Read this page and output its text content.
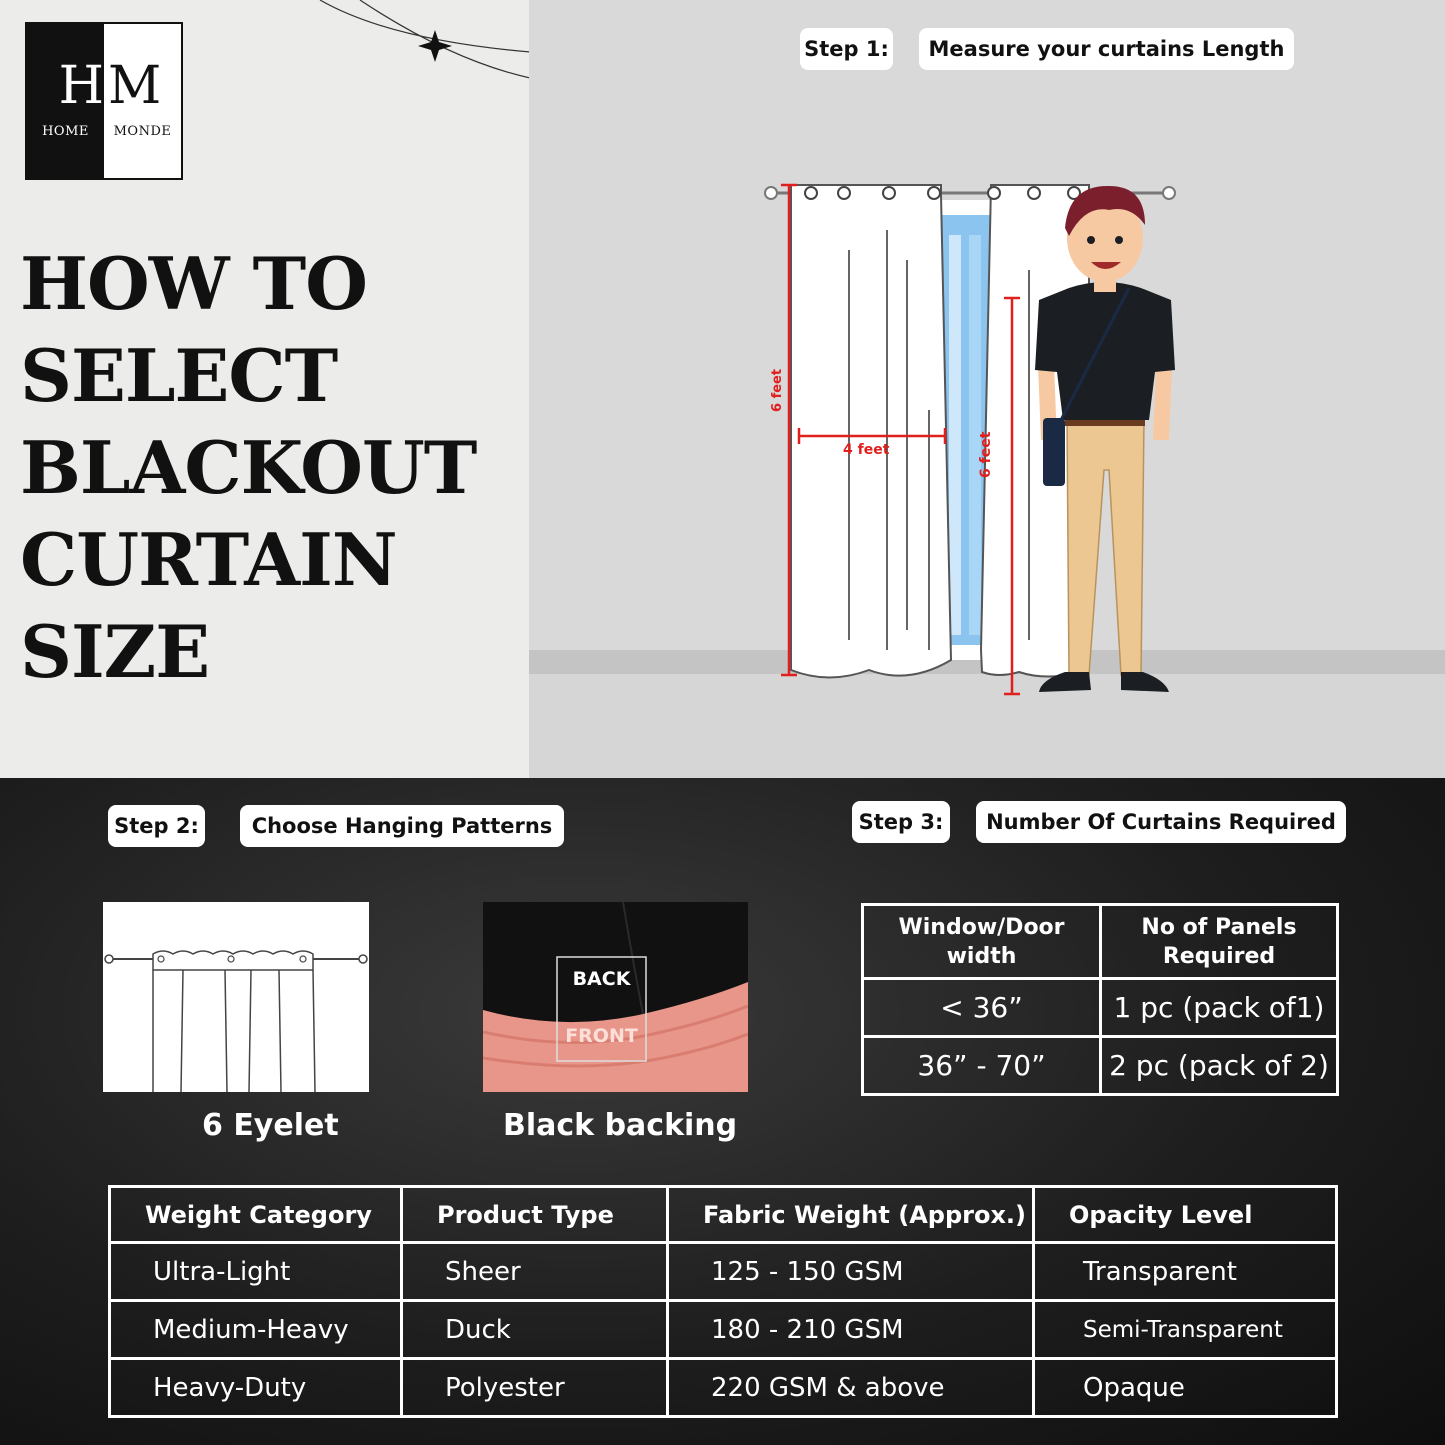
H
HOME
M
MONDE
HOW TO
SELECT
BLACKOUT
CURTAIN
SIZE
Step 1:	Measure your curtains Length
6 feet
4 feet	6 feet
Step 2:	Choose Hanging Patterns	Step 3:	Number Of Curtains Required
6 Eyelet
BACK
FRONT
Black backing
Window/Door width	No of Panels Required
< 36”	1 pc (pack of1)
36” - 70”	2 pc (pack of 2)
Weight Category	Product Type	Fabric Weight (Approx.)	Opacity Level
Ultra-Light	Sheer	125 - 150 GSM	Transparent
Medium-Heavy	Duck	180 - 210 GSM	Semi-Transparent
Heavy-Duty	Polyester	220 GSM & above	Opaque
